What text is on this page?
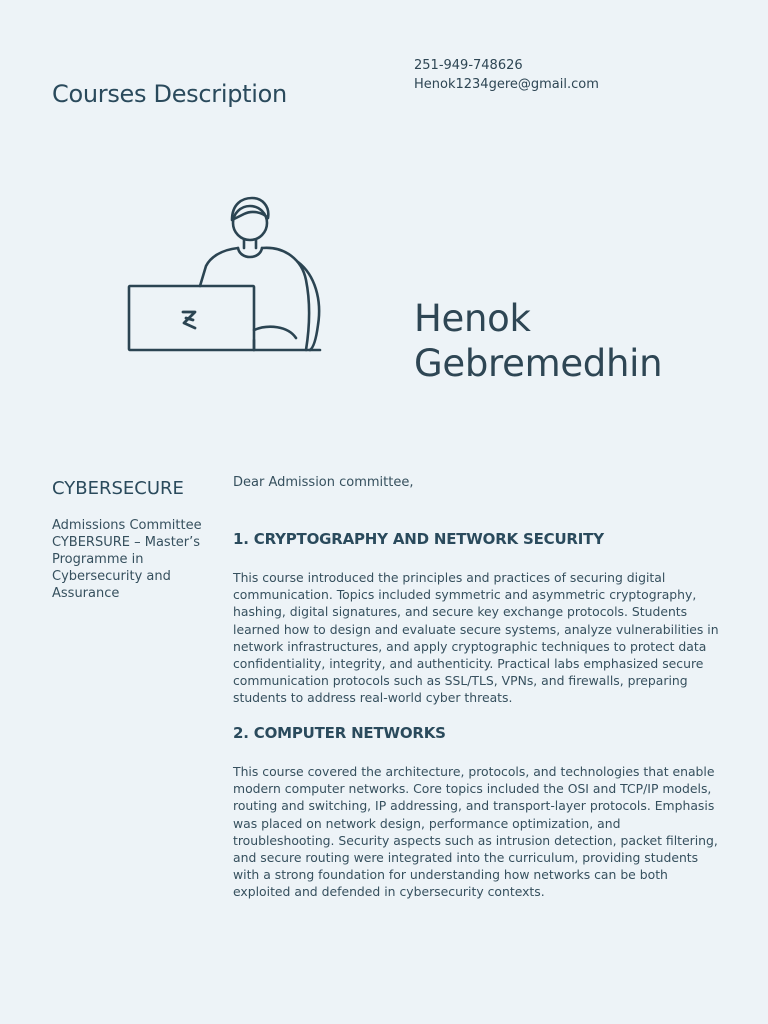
Courses Description
251-949-748626
Henok1234gere@gmail.com
Henok
Gebremedhin
CYBERSECURE
Admissions Committee
CYBERSURE – Master’s
Programme in
Cybersecurity and
Assurance

Dear Admission committee,

1. CRYPTOGRAPHY AND NETWORK SECURITY

This course introduced the principles and practices of securing digital communication. Topics included symmetric and asymmetric cryptography, hashing, digital signatures, and secure key exchange protocols. Students learned how to design and evaluate secure systems, analyze vulnerabilities in network infrastructures, and apply cryptographic techniques to protect data confidentiality, integrity, and authenticity. Practical labs emphasized secure communication protocols such as SSL/TLS, VPNs, and firewalls, preparing students to address real-world cyber threats.

2. COMPUTER NETWORKS

This course covered the architecture, protocols, and technologies that enable modern computer networks. Core topics included the OSI and TCP/IP models, routing and switching, IP addressing, and transport-layer protocols. Emphasis was placed on network design, performance optimization, and troubleshooting. Security aspects such as intrusion detection, packet filtering, and secure routing were integrated into the curriculum, providing students with a strong foundation for understanding how networks can be both exploited and defended in cybersecurity contexts.
